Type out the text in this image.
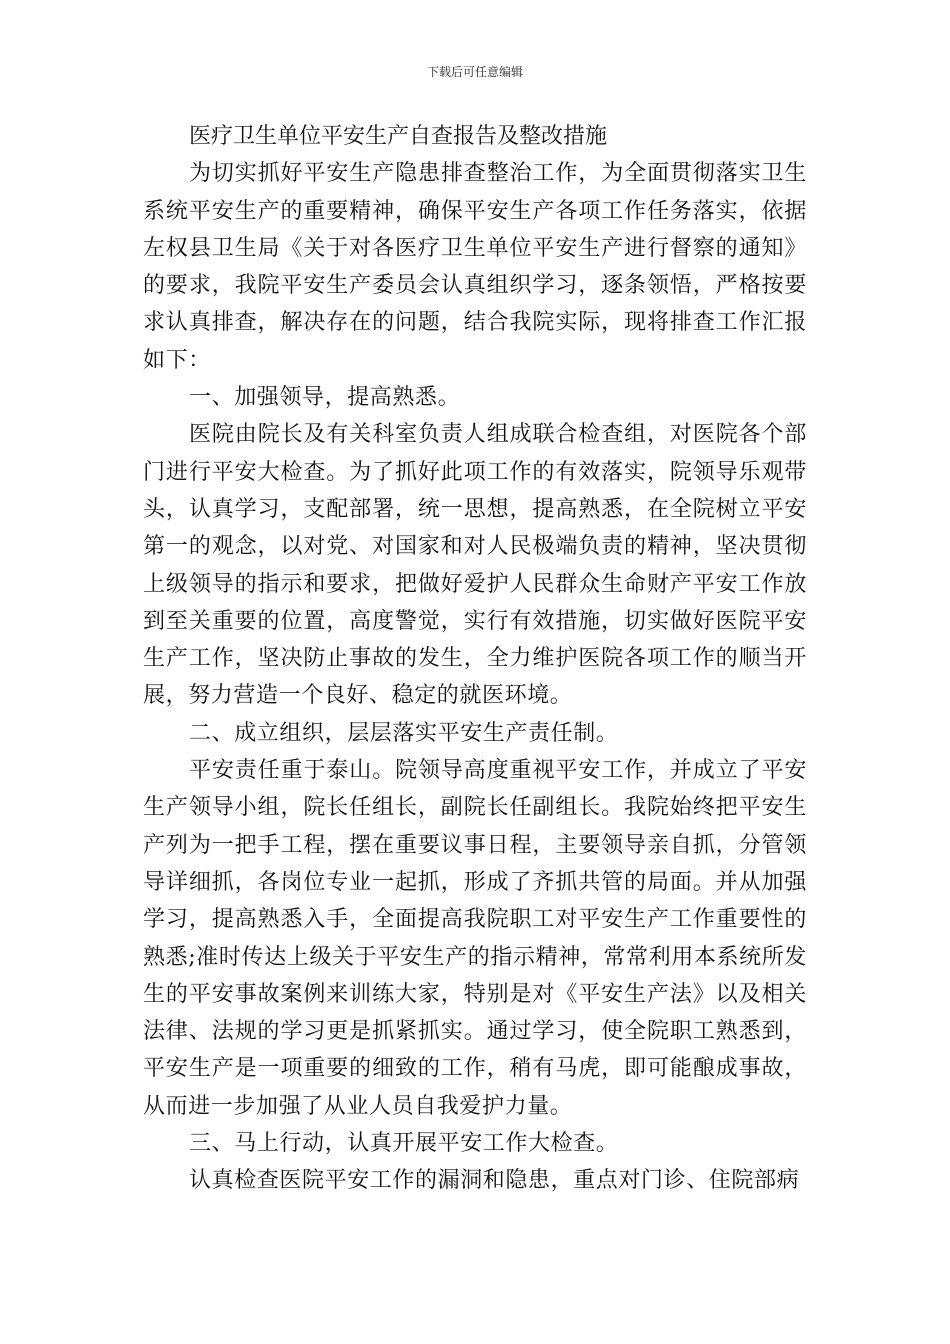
下载后可任意编辑
医疗卫生单位平安生产自查报告及整改措施

为切实抓好平安生产隐患排查整治工作，为全面贯彻落实卫生系统平安生产的重要精神，确保平安生产各项工作任务落实，依据左权县卫生局《关于对各医疗卫生单位平安生产进行督察的通知》的要求，我院平安生产委员会认真组织学习，逐条领悟，严格按要求认真排查，解决存在的问题，结合我院实际，现将排查工作汇报如下：

一、加强领导，提高熟悉。

医院由院长及有关科室负责人组成联合检查组，对医院各个部门进行平安大检查。为了抓好此项工作的有效落实，院领导乐观带头，认真学习，支配部署，统一思想，提高熟悉，在全院树立平安第一的观念，以对党、对国家和对人民极端负责的精神，坚决贯彻上级领导的指示和要求，把做好爱护人民群众生命财产平安工作放到至关重要的位置，高度警觉，实行有效措施，切实做好医院平安生产工作，坚决防止事故的发生，全力维护医院各项工作的顺当开展，努力营造一个良好、稳定的就医环境。

二、成立组织，层层落实平安生产责任制。

平安责任重于泰山。院领导高度重视平安工作，并成立了平安生产领导小组，院长任组长，副院长任副组长。我院始终把平安生产列为一把手工程，摆在重要议事日程，主要领导亲自抓，分管领导详细抓，各岗位专业一起抓，形成了齐抓共管的局面。并从加强学习，提高熟悉入手，全面提高我院职工对平安生产工作重要性的熟悉;准时传达上级关于平安生产的指示精神，常常利用本系统所发生的平安事故案例来训练大家，特别是对《平安生产法》以及相关法律、法规的学习更是抓紧抓实。通过学习，使全院职工熟悉到，平安生产是一项重要的细致的工作，稍有马虎，即可能酿成事故，从而进一步加强了从业人员自我爱护力量。

三、马上行动，认真开展平安工作大检查。

认真检查医院平安工作的漏洞和隐患，重点对门诊、住院部病
